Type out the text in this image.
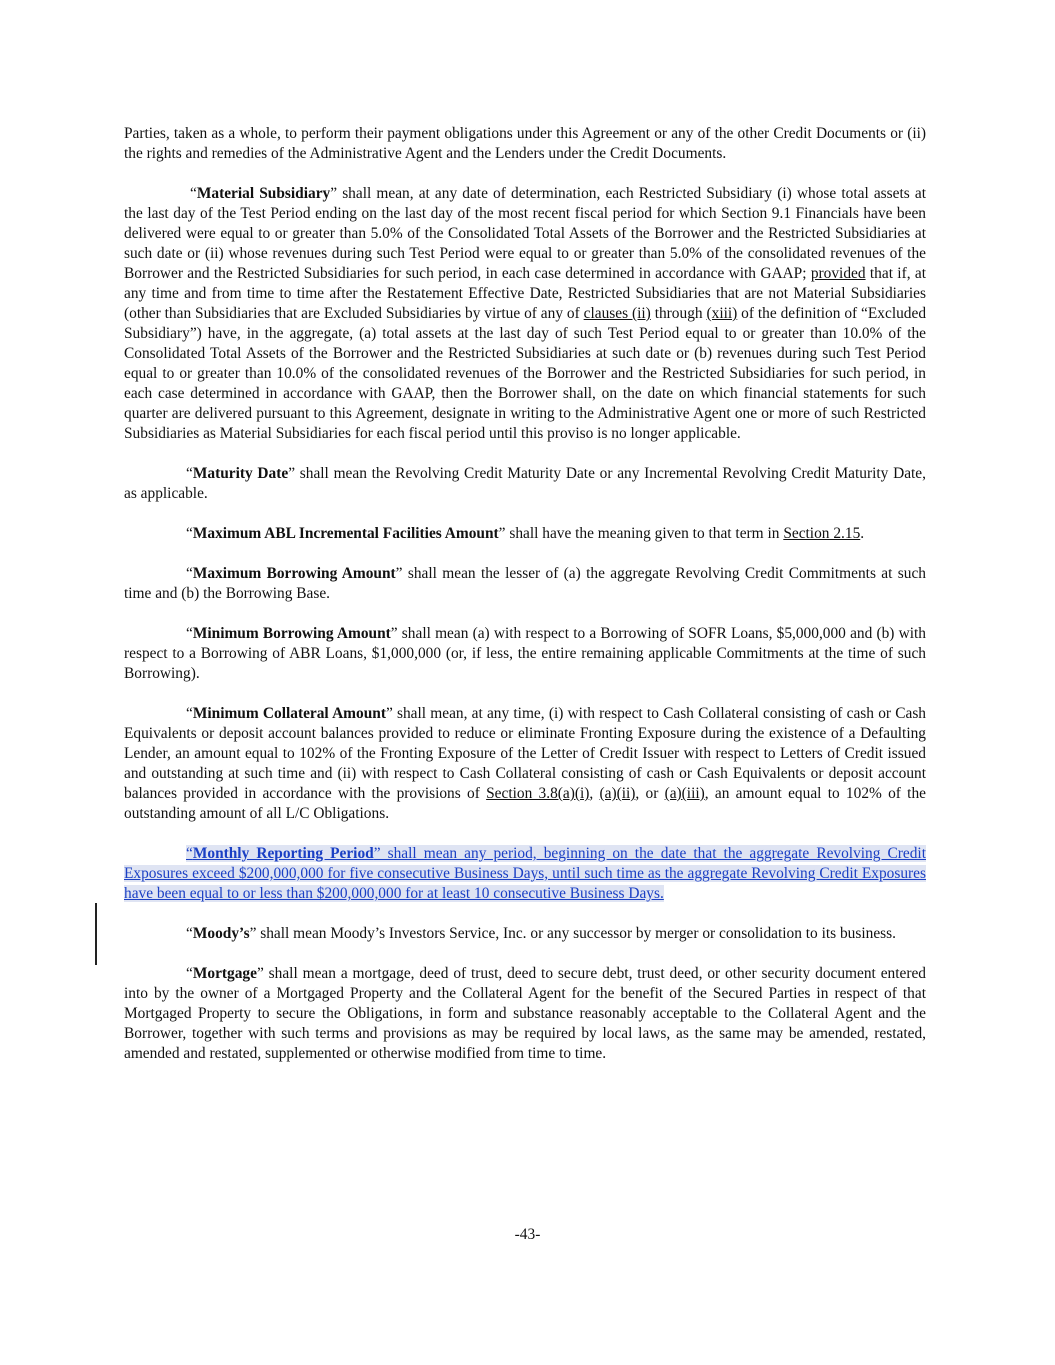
Parties, taken as a whole, to perform their payment obligations under this Agreement or any of the other Credit Documents or (ii) the rights and remedies of the Administrative Agent and the Lenders under the Credit Documents.

“Material Subsidiary” shall mean, at any date of determination, each Restricted Subsidiary (i) whose total assets at the last day of the Test Period ending on the last day of the most recent fiscal period for which Section 9.1 Financials have been delivered were equal to or greater than 5.0% of the Consolidated Total Assets of the Borrower and the Restricted Subsidiaries at such date or (ii) whose revenues during such Test Period were equal to or greater than 5.0% of the consolidated revenues of the Borrower and the Restricted Subsidiaries for such period, in each case determined in accordance with GAAP; provided that if, at any time and from time to time after the Restatement Effective Date, Restricted Subsidiaries that are not Material Subsidiaries (other than Subsidiaries that are Excluded Subsidiaries by virtue of any of clauses (ii) through (xiii) of the definition of “Excluded Subsidiary”) have, in the aggregate, (a) total assets at the last day of such Test Period equal to or greater than 10.0% of the Consolidated Total Assets of the Borrower and the Restricted Subsidiaries at such date or (b) revenues during such Test Period equal to or greater than 10.0% of the consolidated revenues of the Borrower and the Restricted Subsidiaries for such period, in each case determined in accordance with GAAP, then the Borrower shall, on the date on which financial statements for such quarter are delivered pursuant to this Agreement, designate in writing to the Administrative Agent one or more of such Restricted Subsidiaries as Material Subsidiaries for each fiscal period until this proviso is no longer applicable.

“Maturity Date” shall mean the Revolving Credit Maturity Date or any Incremental Revolving Credit Maturity Date, as applicable.

“Maximum ABL Incremental Facilities Amount” shall have the meaning given to that term in Section 2.15.

“Maximum Borrowing Amount” shall mean the lesser of (a) the aggregate Revolving Credit Commitments at such time and (b) the Borrowing Base.

“Minimum Borrowing Amount” shall mean (a) with respect to a Borrowing of SOFR Loans, $5,000,000 and (b) with respect to a Borrowing of ABR Loans, $1,000,000 (or, if less, the entire remaining applicable Commitments at the time of such Borrowing).

“Minimum Collateral Amount” shall mean, at any time, (i) with respect to Cash Collateral consisting of cash or Cash Equivalents or deposit account balances provided to reduce or eliminate Fronting Exposure during the existence of a Defaulting Lender, an amount equal to 102% of the Fronting Exposure of the Letter of Credit Issuer with respect to Letters of Credit issued and outstanding at such time and (ii) with respect to Cash Collateral consisting of cash or Cash Equivalents or deposit account balances provided in accordance with the provisions of Section 3.8(a)(i), (a)(ii), or (a)(iii), an amount equal to 102% of the outstanding amount of all L/C Obligations.

“Monthly Reporting Period” shall mean any period, beginning on the date that the aggregate Revolving Credit Exposures exceed $200,000,000 for five consecutive Business Days, until such time as the aggregate Revolving Credit Exposures have been equal to or less than $200,000,000 for at least 10 consecutive Business Days.

“Moody’s” shall mean Moody’s Investors Service, Inc. or any successor by merger or consolidation to its business.

“Mortgage” shall mean a mortgage, deed of trust, deed to secure debt, trust deed, or other security document entered into by the owner of a Mortgaged Property and the Collateral Agent for the benefit of the Secured Parties in respect of that Mortgaged Property to secure the Obligations, in form and substance reasonably acceptable to the Collateral Agent and the Borrower, together with such terms and provisions as may be required by local laws, as the same may be amended, restated, amended and restated, supplemented or otherwise modified from time to time.

-43-
